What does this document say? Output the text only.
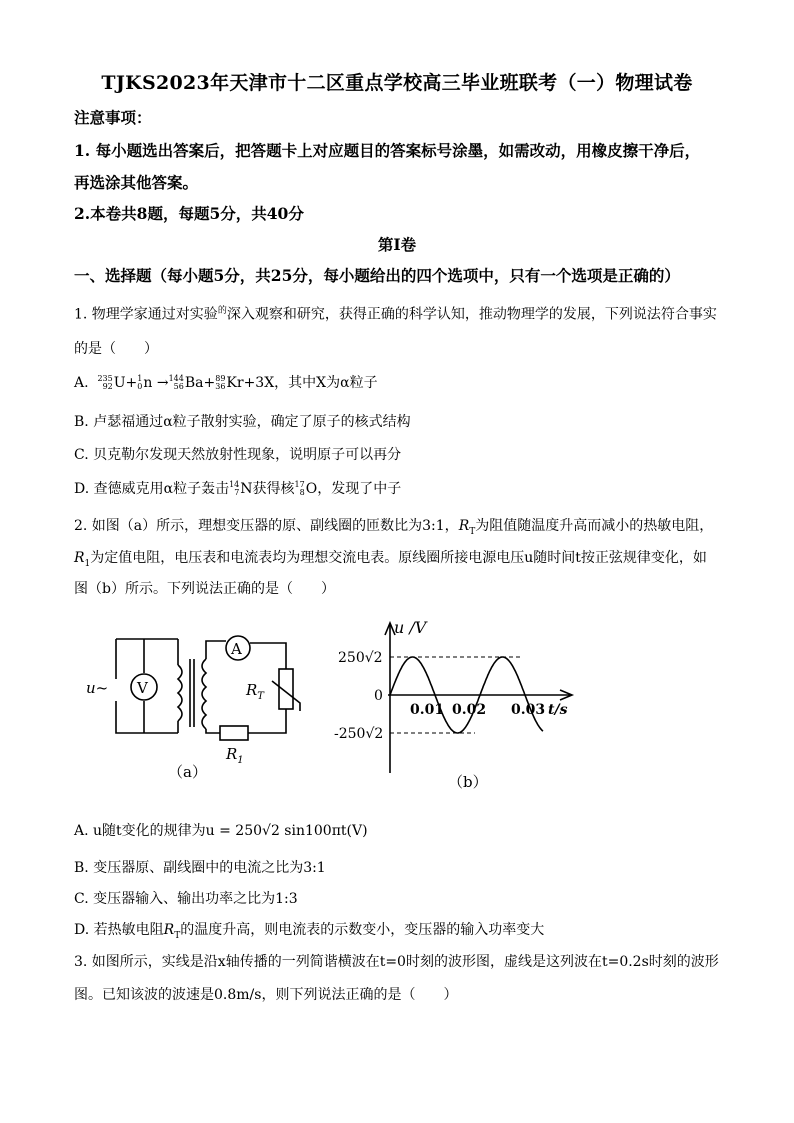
TJKS2023年天津市十二区重点学校高三毕业班联考（一）物理试卷
注意事项：
1. 每小题选出答案后，把答题卡上对应题目的答案标号涂墨，如需改动，用橡皮擦干净后，
再选涂其他答案。
2.本卷共8题，每题5分，共40分
第I卷
一、选择题（每小题5分，共25分，每小题给出的四个选项中，只有一个选项是正确的）
1. 物理学家通过对实验$^的$深入观察和研究，获得正确的科学认知，推动物理学的发展，下列说法符合事实
的是（　　）
A. 235
92 U+ 1
0 n → 144
56 Ba+ 89
36 Kr+3X，其中X为α粒子
B. 卢瑟福通过α粒子散射实验，确定了原子的核式结构
C. 贝克勒尔发现天然放射性现象，说明原子可以再分
D. 查德威克用α粒子轰击 14
7 N获得核 17
8 O，发现了中子
2. 如图（a）所示，理想变压器的原、副线圈的匝数比为3:1，$R_T$为阻值随温度升高而减小的热敏电阻，
$R_1$为定值电阻，电压表和电流表均为理想交流电表。原线圈所接电源电压u随时间t按正弦规律变化，如
图（b）所示。下列说法正确的是（　　）
u~ V
A
$R_T$
$R_1$
（a）
u /V
250√2
-250√2
0
0.01 0.02 0.03 t/s
（b）
A. u随t变化的规律为u = 250√2 sin100πt(V)
B. 变压器原、副线圈中的电流之比为3:1
C. 变压器输入、输出功率之比为1:3
D. 若热敏电阻$R_T$的温度升高，则电流表的示数变小，变压器的输入功率变大
3. 如图所示，实线是沿x轴传播的一列简谐横波在t=0时刻的波形图，虚线是这列波在t=0.2s时刻的波形
图。已知该波的波速是0.8m/s，则下列说法正确的是（　　）
